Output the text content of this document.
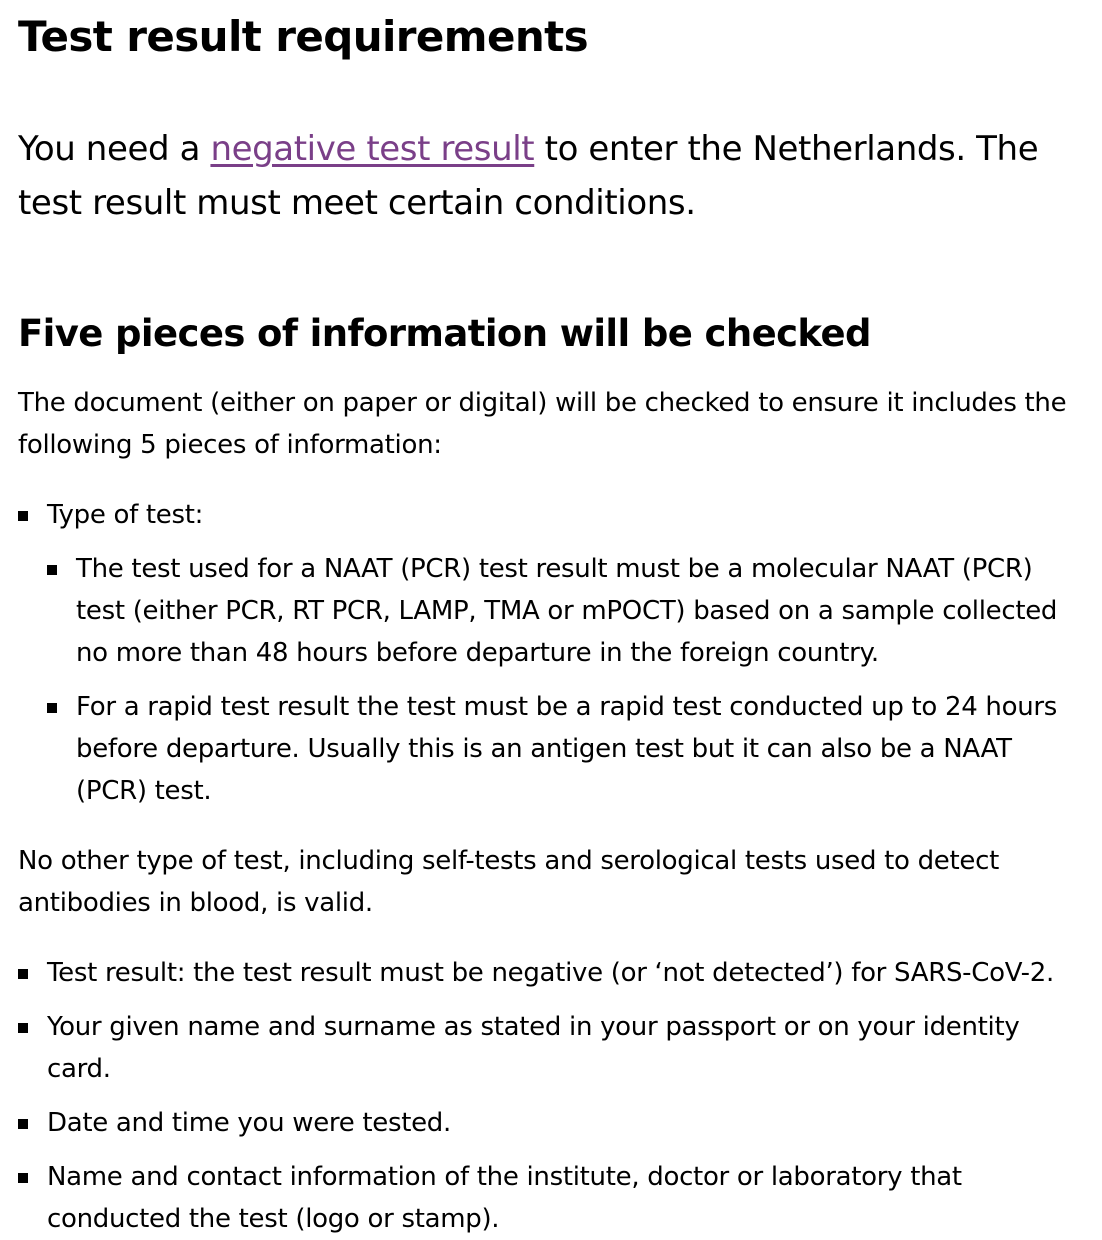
Test result requirements

You need a negative test result to enter the Netherlands. The test result must meet certain conditions.

Five pieces of information will be checked

The document (either on paper or digital) will be checked to ensure it includes the following 5 pieces of information:

Type of test:
The test used for a NAAT (PCR) test result must be a molecular NAAT (PCR) test (either PCR, RT PCR, LAMP, TMA or mPOCT) based on a sample collected no more than 48 hours before departure in the foreign country.
For a rapid test result the test must be a rapid test conducted up to 24 hours before departure. Usually this is an antigen test but it can also be a NAAT (PCR) test.

No other type of test, including self-tests and serological tests used to detect antibodies in blood, is valid.

Test result: the test result must be negative (or ‘not detected’) for SARS-CoV-2.
Your given name and surname as stated in your passport or on your identity card.
Date and time you were tested.
Name and contact information of the institute, doctor or laboratory that conducted the test (logo or stamp).
